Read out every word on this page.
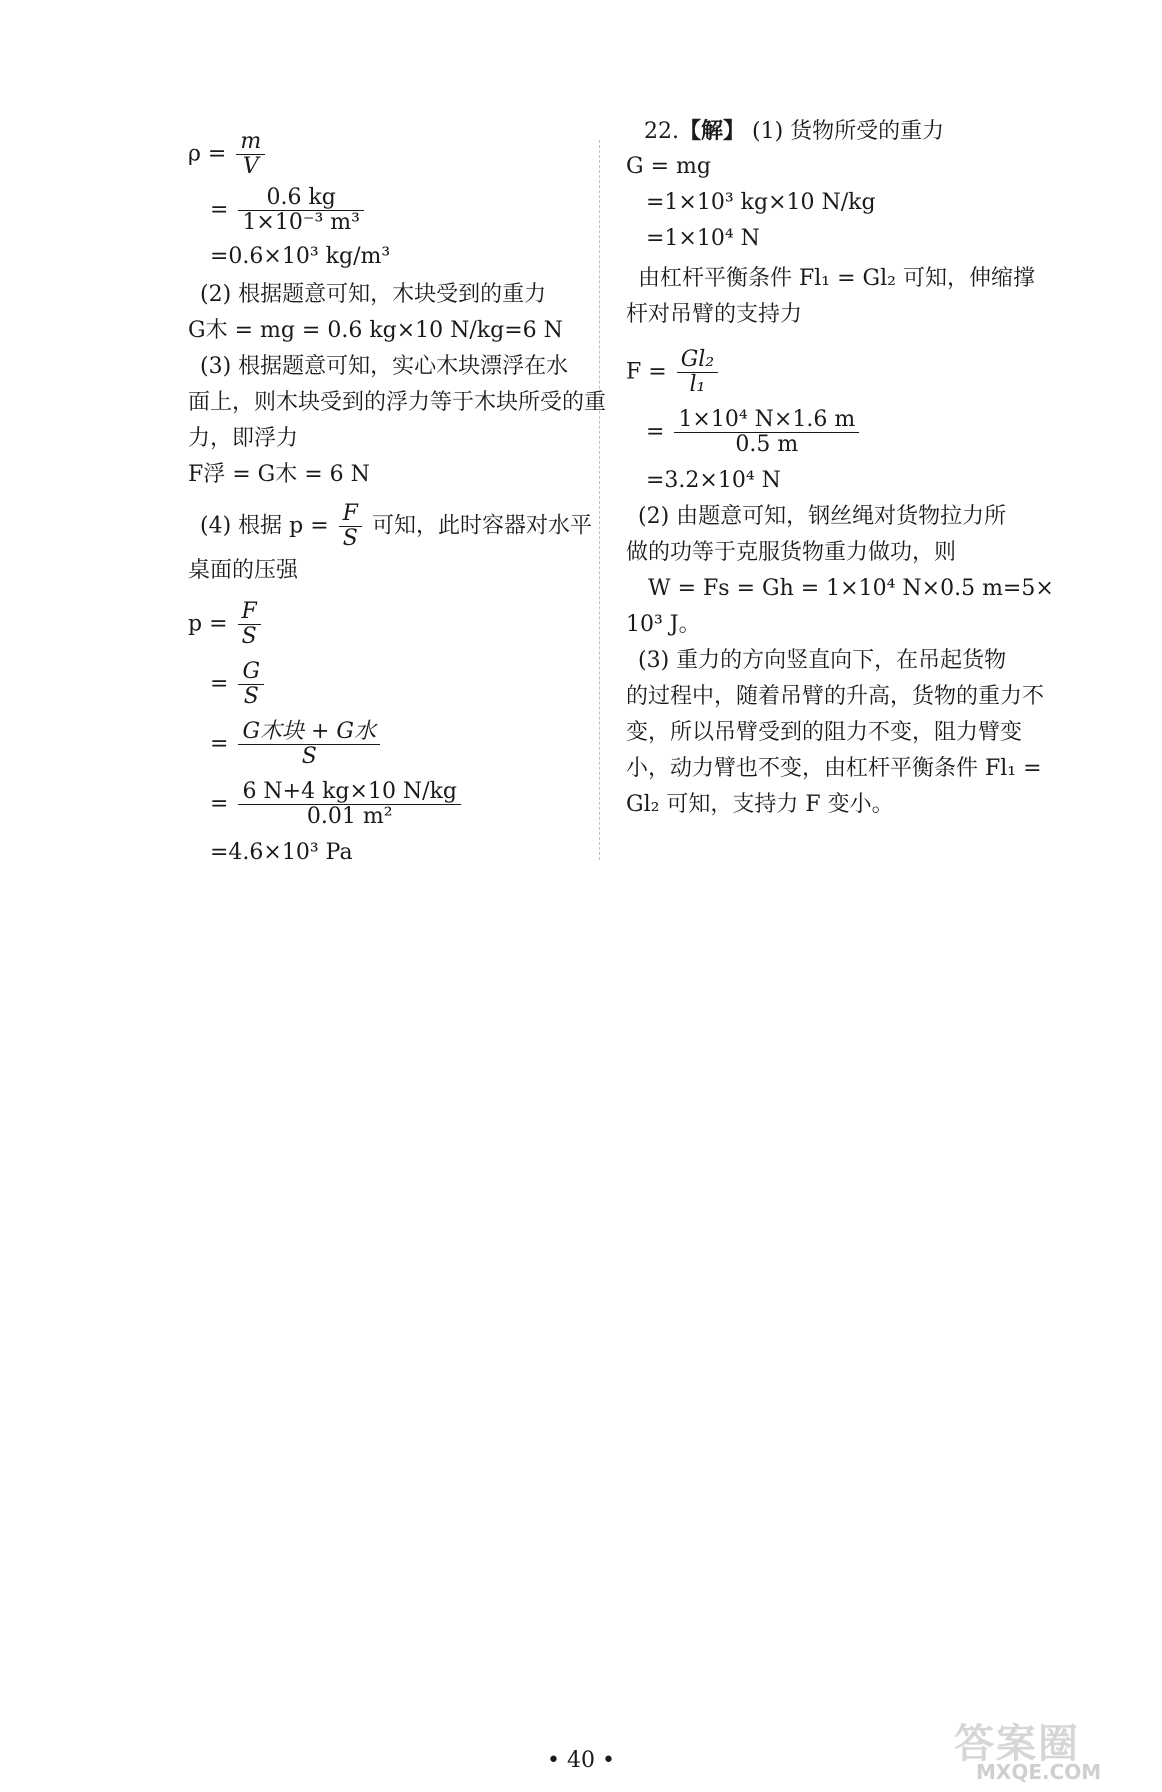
$\rho = \frac{m}{V}$
= $\frac{0.6 kg}{\text{1×10⁻³ m³}}$
=0.6×10³ kg/m³
(2) 根据题意可知，木块受到的重力
G木 = mg = 0.6 kg×10 N/kg=6 N
(3) 根据题意可知，实心木块漂浮在水
面上，则木块受到的浮力等于木块所受的重
力，即浮力
F浮 = G木 = 6 N
(4) 根据 $p = \frac{F}{S}$ 可知，此时容器对水平
桌面的压强
$p = \frac{F}{S}$
= $\frac{G}{S}$
= $\frac{\text{G木块 + G水}}{S}$
= $\frac{6 N+4 kg\times 10 N/kg}{\text{0.01 m²}}$
=4.6×10³ Pa
22.【解】 (1) 货物所受的重力
G = mg
=1×10³ kg×10 N/kg
=1×10⁴ N
由杠杆平衡条件 Fl₁ = Gl₂ 可知，伸缩撑
杆对吊臂的支持力
$F = \frac{\text{Gl₂}}{\text{l₁}}$
= $\frac{\text{1×10⁴ N×1.6 m}}{0.5 m}$
=3.2×10⁴ N
(2) 由题意可知，钢丝绳对货物拉力所
做的功等于克服货物重力做功，则
W = Fs = Gh = 1×10⁴ N×0.5 m=5×
10³ J。
(3) 重力的方向竖直向下，在吊起货物
的过程中，随着吊臂的升高，货物的重力不
变，所以吊臂受到的阻力不变，阻力臂变
小，动力臂也不变，由杠杆平衡条件 Fl₁ =
Gl₂ 可知，支持力 F 变小。
• 40 •	答案圈
MXQE.COM
